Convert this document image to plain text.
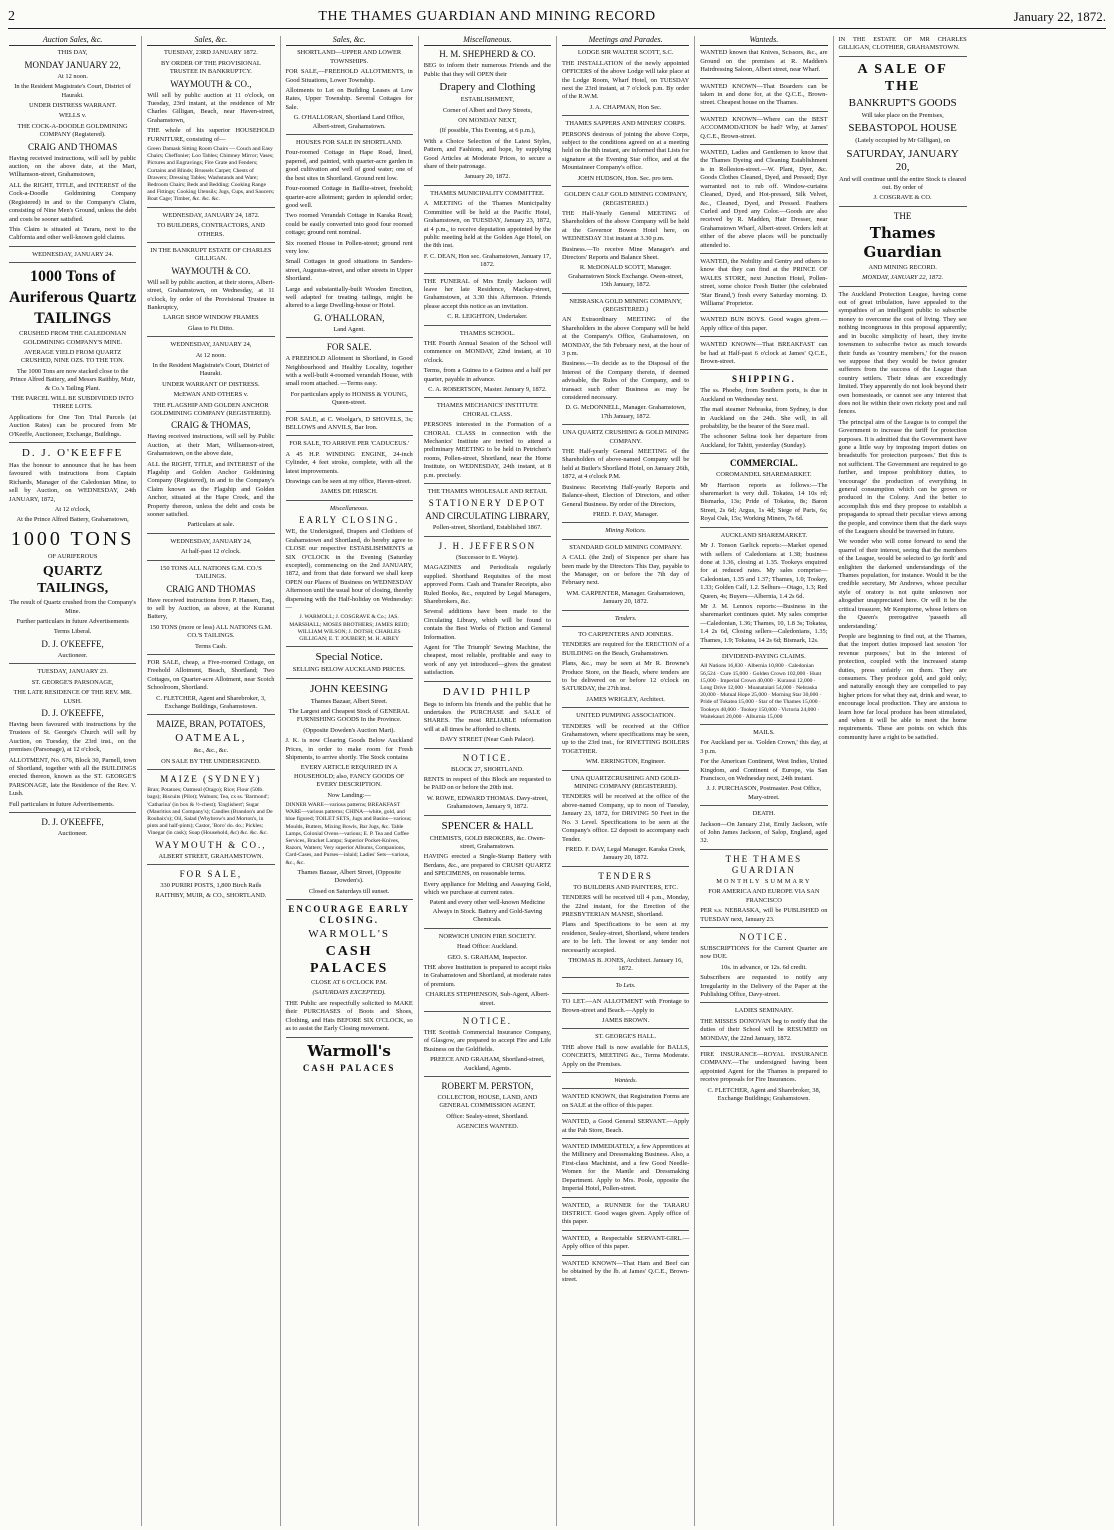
2	THE THAMES GUARDIAN AND MINING RECORD	January 22, 1872.
Auction Sales, &c.
THIS DAY,
MONDAY JANUARY 22,
At 12 noon.
In the Resident Magistrate's Court, District of Hauraki.
UNDER DISTRESS WARRANT.
WELLS v.
THE COCK-A-DOODLE GOLDMINING COMPANY (Registered).
CRAIG AND THOMAS
Having received instructions, will sell by public auction, on the above date, at the Mart, Williamson-street, Grahamstown,
ALL the RIGHT, TITLE, and INTEREST of the Cock-a-Doodle Goldmining Company (Registered) in and to the Company's Claim, consisting of Nine Men's Ground, unless the debt and costs be sooner satisfied.
This Claim is situated at Tararu, next to the California and other well-known gold claims.
WEDNESDAY, JANUARY 24.
1000 Tons of
Auriferous Quartz
TAILINGS
CRUSHED FROM THE CALEDONIAN GOLDMINING COMPANY'S MINE.
AVERAGE YIELD FROM QUARTZ CRUSHED, NINE OZS. TO THE TON.
The 1000 Tons are now stacked close to the Prince Alfred Battery, and Messrs Raithby, Muir, & Co.'s Tailing Plant.
THE PARCEL WILL BE SUBDIVIDED INTO THREE LOTS.
Applications for One Ton Trial Parcels (at Auction Rates) can be procured from Mr O'Keeffe, Auctioneer, Exchange, Buildings.
D. J. O'KEEFFE
Has the honour to announce that he has been favoured with instructions from Captain Richards, Manager of the Caledonian Mine, to sell by Auction, on WEDNESDAY, 24th JANUARY, 1872,
At 12 o'clock,
At the Prince Alfred Battery, Grahamstown,
1000 TONS
OF AURIFEROUS
QUARTZ TAILINGS,
The result of Quartz crushed from the Company's Mine.
Further particulars in future Advertisements
Terms Liberal.
D. J. O'KEEFFE,
Auctioneer.
TUESDAY, JANUARY 23.
ST. GEORGE'S PARSONAGE,
THE LATE RESIDENCE OF THE REV. MR. LUSH.
D. J. O'KEEFFE,
Having been favoured with instructions by the Trustees of St. George's Church will sell by Auction, on Tuesday, the 23rd inst., on the premises (Parsonage), at 12 o'clock,
ALLOTMENT, No. 676, Block 30, Parnell, town of Shortland, together with all the BUILDINGS erected thereon, known as the ST. GEORGE'S PARSONAGE, late the Residence of the Rev. V. Lush.
Full particulars in future Advertisements.
D. J. O'KEEFFE,
Auctioneer.
Sales, &c.
TUESDAY, 23RD JANUARY 1872.
BY ORDER OF THE PROVISIONAL TRUSTEE IN BANKRUPTCY.
WAYMOUTH & CO.,
Will sell by public auction at 11 o'clock, on Tuesday, 23rd instant, at the residence of Mr Charles Gilligan, Beach, near Haven-street, Grahamstown,
THE whole of his superior HOUSEHOLD FURNITURE, consisting of—
Green Damask Sitting Room Chairs — Couch and Easy Chairs; Cheffonier; Loo Tables; Chimney Mirror; Vases; Pictures and Engravings; Fire Grate and Fenders; Curtains and Blinds; Brussels Carpet; Chests of Drawers; Dressing Tables; Washstands and Ware; Bedroom Chairs; Beds and Bedding; Cooking Range and Fittings; Cooking Utensils; Jugs, Cups, and Saucers; Boat Cage; Timber, &c. &c. &c.
WEDNESDAY, JANUARY 24, 1872.
TO BUILDERS, CONTRACTORS, AND OTHERS.
IN THE BANKRUPT ESTATE OF CHARLES GILLIGAN.
WAYMOUTH & CO.
Will sell by public auction, at their stores, Albert-street, Grahamstown, on Wednesday, at 11 o'clock, by order of the Provisional Trustee in Bankruptcy,
LARGE SHOP WINDOW FRAMES
Glass to Fit Ditto.
WEDNESDAY, JANUARY 24,
At 12 noon.
In the Resident Magistrate's Court, District of Hauraki.
UNDER WARRANT OF DISTRESS.
McEWAN AND OTHERS v.
THE FLAGSHIP AND GOLDEN ANCHOR GOLDMINING COMPANY (REGISTERED).
CRAIG & THOMAS,
Having received instructions, will sell by Public Auction, at their Mart, Williamson-street, Grahamstown, on the above date,
ALL the RIGHT, TITLE, and INTEREST of the Flagship and Golden Anchor Goldmining Company (Registered), in and to the Company's Claim known as the Flagship and Golden Anchor, situated at the Hape Creek, and the Property thereon, unless the debt and costs be sooner satisfied.
Particulars at sale.
WEDNESDAY, JANUARY 24,
At half-past 12 o'clock.
150 TONS ALL NATIONS G.M. CO.'S TAILINGS.
CRAIG AND THOMAS
Have received instructions from P. Hansen, Esq., to sell by Auction, as above, at the Kuranui Battery,
150 TONS (more or less) ALL NATIONS G.M. CO.'S TAILINGS.
Terms Cash.
FOR SALE, cheap, a Five-roomed Cottage, on Freehold Allotment, Beach, Shortland; Two Cottages, on Quarter-acre Allotment, near Scotch Schoolroom, Shortland.
C. FLETCHER, Agent and Sharebroker, 3, Exchange Buildings, Grahamstown.
MAIZE, BRAN, POTATOES,
OATMEAL,
&c., &c., &c.
ON SALE BY THE UNDERSIGNED.
MAIZE (SYDNEY)
Bran; Potatoes; Oatmeal (Otago); Rice; Flour (50lb. bags); Biscuits (Pilot); Walnuts; Tea, cx ss. 'Barmond'; 'Catharina' (in box & ½-chest); 'Englishert'; Sugar (Mauritius and Company's); Candles (Brandon's and De Roubaix's); Oil, Salad (Whybrow's and Morton's, in pints and half-pints); Castor, 'Boro' do. do.; Pickles; Vinegar (in cask); Soap (Household, &c) &c. &c. &c.
WAYMOUTH & CO.,
ALBERT STREET, GRAHAMSTOWN.
FOR SALE,
330 PURIRI POSTS, 1,800 Birch Rails
RAITHBY, MUIR, & CO., SHORTLAND.
Sales, &c.
SHORTLAND—UPPER AND LOWER TOWNSHIPS.
FOR SALE,—FREEHOLD ALLOTMENTS, in Good Situations, Lower Township.
Allotments to Let on Building Leases at Low Rates, Upper Township. Several Cottages for Sale.
G. O'HALLORAN, Shortland Land Office, Albert-street, Grahamstown.
HOUSES FOR SALE IN SHORTLAND.
Four-roomed Cottage in Hape Road, lined, papered, and painted, with quarter-acre garden in good cultivation and well of good water; one of the best sites in Shortland. Ground rent low.
Four-roomed Cottage in Baillie-street, freehold; quarter-acre allotment; garden in splendid order; good well.
Two roomed Verandah Cottage in Karaka Road; could be easily converted into good four roomed cottage; ground rent nominal.
Six roomed House in Pollen-street; ground rent very low.
Small Cottages in good situations in Sanders-street, Augustus-street, and other streets in Upper Shortland.
Large and substantially-built Wooden Erection, well adapted for treating tailings, might be altered to a large Dwelling-house or Hotel.
G. O'HALLORAN,
Land Agent.
FOR SALE.
A FREEHOLD Allotment in Shortland, in Good Neighbourhood and Healthy Locality, together with a well-built 4-roomed verandah House, with small room attached. —Terms easy.
For particulars apply to HONISS & YOUNG, Queen-street.
FOR SALE, at C. Woolgar's, D SHOVELS, 3s; BELLOWS and ANVILS, Bar Iron.
FOR SALE, TO ARRIVE PER 'CADUCEUS.'
A 45 H.P. WINDING ENGINE, 24-inch Cylinder, 4 feet stroke, complete, with all the latest improvements.
Drawings can be seen at my office, Haven-street.
JAMES DE HIRSCH.
Miscellaneous.
EARLY CLOSING.
WE, the Undersigned, Drapers and Clothiers of Grahamstown and Shortland, do hereby agree to CLOSE our respective ESTABLISHMENTS at SIX O'CLOCK in the Evening (Saturday excepted), commencing on the 2nd JANUARY, 1872, and from that date forward we shall keep OPEN our Places of Business on WEDNESDAY Afternoon until the usual hour of closing, thereby dispensing with the Half-holiday on Wednesday:—
J. WARMOLL; J. COSGRAVE & Co.; JAS. MARSHALL; MOSES BROTHERS; JAMES REID; WILLIAM WILSON; J. DOTSH; CHARLES GILLIGAN; E. T. JOUBERT; M. H. AIREY
Special Notice.
SELLING BELOW AUCKLAND PRICES.
JOHN KEESING
Thames Bazaar, Albert Street.
The Largest and Cheapest Stock of GENERAL FURNISHING GOODS In the Province.
(Opposite Dowden's Auction Mart).
J. K. is now Clearing Goods Below Auckland Prices, in order to make room for Fresh Shipments, to arrive shortly. The Stock contains
EVERY ARTICLE REQUIRED IN A HOUSEHOLD; also, FANCY GOODS OF EVERY DESCRIPTION.
Now Landing:—
DINNER WARE—various patterns; BREAKFAST WARE—various patterns; CHINA—white, gold, and blue figured; TOILET SETS, Jugs and Basins—various; Moulds, Butters, Mixing Bowls, Bar Jugs, &c. Table Lamps, Colonial Ovens—various; E. P. Tea and Coffee Services, Bracket Lamps; Superior Pocket-Knives, Razors, Watters; Very superior Albums, Companions, Card-Cases, and Purses—inlaid; Ladies' Sets—various, &c., &c.
Thames Bazaar, Albert Street, (Opposite Dowden's).
Closed on Saturdays till sunset.
ENCOURAGE EARLY CLOSING.
WARMOLL'S
CASH PALACES
CLOSE AT 6 O'CLOCK P.M.
(SATURDAYS EXCEPTED).
THE Public are respectfully solicited to MAKE their PURCHASES of Boots and Shoes, Clothing, and Hats BEFORE SIX O'CLOCK, so as to assist the Early Closing movement.
Warmoll's
CASH PALACES
Miscellaneous.
H. M. SHEPHERD & CO.
BEG to inform their numerous Friends and the Public that they will OPEN their
Drapery and Clothing
ESTABLISHMENT,
Corner of Albert and Davy Streets,
ON MONDAY NEXT,
(If possible, This Evening, at 6 p.m.),
With a Choice Selection of the Latest Styles, Pattern, and Fashions, and hope, by supplying Good Articles at Moderate Prices, to secure a share of their patronage.
January 20, 1872.
THAMES MUNICIPALITY COMMITTEE.
A MEETING of the Thames Municipality Committee will be held at the Pacific Hotel, Grahamstown, on TUESDAY, January 23, 1872, at 4 p.m., to receive deputation appointed by the public meeting held at the Golden Age Hotel, on the 8th inst.
F. C. DEAN, Hon sec. Grahamstown, January 17, 1872.
THE FUNERAL of Mrs Emily Jackson will leave her late Residence, Mackay-street, Grahamstown, at 3.30 this Afternoon. Friends please accept this notice as an invitation.
C. R. LEIGHTON, Undertaker.
THAMES SCHOOL.
THE Fourth Annual Session of the School will commence on MONDAY, 22nd instant, at 10 o'clock.
Terms, from a Guinea to a Guinea and a half per quarter, payable in advance.
C. A. ROBERTSON, Master. January 9, 1872.
THAMES MECHANICS' INSTITUTE CHORAL CLASS.
PERSONS interested in the Formation of a CHORAL CLASS in connection with the Mechanics' Institute are invited to attend a preliminary MEETING to be held in Petrichen's rooms, Pollen-street, Shortland, near the Home Institute, on WEDNESDAY, 24th instant, at 8 p.m. precisely.
THE THAMES WHOLESALE AND RETAIL
STATIONERY DEPOT
AND CIRCULATING LIBRARY,
Pollen-street, Shortland, Established 1867.
J. H. JEFFERSON
(Successor to E. Wayte).
MAGAZINES and Periodicals regularly supplied. Shorthand Requisites of the most approved Form. Cash and Transfer Receipts, also Ruled Books, &c., required by Legal Managers, Sharebrokers, &c.
Several additions have been made to the Circulating Library, which will be found to contain the Best Works of Fiction and General Information.
Agent for 'The Triumph' Sewing Machine, the cheapest, most reliable, profitable and easy to work of any yet introduced—gives the greatest satisfaction.
DAVID PHILP
Begs to inform his friends and the public that he undertakes the PURCHASE and SALE of SHARES. The most RELIABLE information will at all times be afforded to clients.
DAVY STREET (Near Cash Palace).
NOTICE.
BLOCK 27, SHORTLAND.
RENTS in respect of this Block are requested to be PAID on or before the 20th inst.
W. ROWE, EDWARD THOMAS. Davy-street, Grahamstown, January 9, 1872.
SPENCER & HALL
CHEMISTS, GOLD BROKERS, &c. Owen-street, Grahamstown.
HAVING erected a Single-Stamp Battery with Berdans, &c., are prepared to CRUSH QUARTZ and SPECIMENS, on reasonable terms.
Every appliance for Melting and Assaying Gold, which we purchase at current rates.
Patent and every other well-known Medicine Always in Stock. Battery and Gold-Saving Chemicals.
NORWICH UNION FIRE SOCIETY.
Head Office: Auckland.
GEO. S. GRAHAM, Inspector.
THE above Institution is prepared to accept risks in Grahamstown and Shortland, at moderate rates of premium.
CHARLES STEPHENSON, Sub-Agent, Albert-street.
NOTICE.
THE Scottish Commercial Insurance Company, of Glasgow, are prepared to accept Fire and Life Business on the Goldfields.
PREECE AND GRAHAM, Shortland-street, Auckland, Agents.
ROBERT M. PERSTON,
COLLECTOR, HOUSE, LAND, AND GENERAL COMMISSION AGENT.
Office: Sealey-street, Shortland.
AGENCIES WANTED.
Meetings and Parades.
LODGE SIR WALTER SCOTT, S.C.
THE INSTALLATION of the newly appointed OFFICERS of the above Lodge will take place at the Lodge Room, Wharf Hotel, on TUESDAY next the 23rd instant, at 7 o'clock p.m. By order of the R.W.M.
J. A. CHAPMAN, Hon Sec.
THAMES SAPPERS AND MINERS' CORPS.
PERSONS desirous of joining the above Corps, subject to the conditions agreed on at a meeting held on the 8th instant, are informed that Lists for signature at the Evening Star office, and at the Mountaineer Company's office.
JOHN HUDSON, Hon. Sec. pro tem.
GOLDEN CALF GOLD MINING COMPANY, (REGISTERED.)
THE Half-Yearly General MEETING of Shareholders of the above Company will be held at the Governor Bowen Hotel here, on WEDNESDAY 31st instant at 3.30 p.m.
Business.—To receive Mine Manager's and Directors' Reports and Balance Sheet.
R. McDONALD SCOTT, Manager. Grahamstown Stock Exchange. Owen-street, 15th January, 1872.
NEBRASKA GOLD MINING COMPANY, (REGISTERED.)
AN Extraordinary MEETING of the Shareholders in the above Company will be held at the Company's Office, Grahamstown, on MONDAY, the 5th February next, at the hour of 3 p.m.
Business.—To decide as to the Disposal of the Interest of the Company therein, if deemed advisable, the Rules of the Company, and to transact such other Business as may be considered necessary.
D. G. McDONNELL, Manager. Grahamstown, 17th January, 1872.
UNA QUARTZ CRUSHING & GOLD MINING COMPANY.
THE Half-yearly General MEETING of the Shareholders of above-named Company will be held at Butler's Shortland Hotel, on January 26th, 1872, at 4 o'clock P.M.
Business: Receiving Half-yearly Reports and Balance-sheet, Election of Directors, and other General Business. By order of the Directors,
FRED. F. DAY, Manager.
Mining Notices.
STANDARD GOLD MINING COMPANY.
A CALL (the 2nd) of Sixpence per share has been made by the Directors This Day, payable to the Manager, on or before the 7th day of February next.
WM. CARPENTER, Manager. Grahamstown, January 20, 1872.
Tenders.
TO CARPENTERS AND JOINERS.
TENDERS are required for the ERECTION of a BUILDING on the Beach, Grahamstown.
Plans, &c., may be seen at Mr R. Browne's Produce Store, on the Beach, where tenders are to be delivered on or before 12 o'clock on SATURDAY, the 27th inst.
JAMES WRIGLEY, Architect.
UNITED PUMPING ASSOCIATION.
TENDERS will be received at the Office Grahamstown, where specifications may be seen, up to the 23rd inst., for RIVETTING BOILERS TOGETHER.
WM. ERRINGTON, Engineer.
UNA QUARTZCRUSHING AND GOLD-MINING COMPANY (REGISTERED).
TENDERS will be received at the office of the above-named Company, up to noon of Tuesday, January 23, 1872, for DRIVING 50 Feet in the No. 3 Level. Specifications to be seen at the Company's office. £2 deposit to accompany each Tender.
FRED. F. DAY, Legal Manager. Karaka Creek, January 20, 1872.
TENDERS
TO BUILDERS AND PAINTERS, ETC.
TENDERS will be received till 4 p.m., Monday, the 22nd instant, for the Erection of the PRESBYTERIAN MANSE, Shortland.
Plans and Specifications to be seen at my residence, Sealey-street, Shortland, where tenders are to be left. The lowest or any tender not necessarily accepted.
THOMAS B. JONES, Architect. January 16, 1872.
To Lets.
TO LET.—AN ALLOTMENT with Frontage to Brown-street and Beach.—Apply to
JAMES BROWN.
ST. GEORGE'S HALL.
THE above Hall is now available for BALLS, CONCERTS, MEETING &c., Terms Moderate. Apply on the Premises.
Wanteds.
WANTED KNOWN, that Registration Forms are on SALE at the office of this paper.
WANTED, a Good General SERVANT.—Apply at the Pah Store, Beach.
WANTED IMMEDIATELY, a few Apprentices at the Millinery and Dressmaking Business. Also, a First-class Machinist, and a few Good Needle-Women for the Mantle and Dressmaking Department. Apply to Mrs. Poole, opposite the Imperial Hotel, Pollen-street.
WANTED, a RUNNER for the TARARU DISTRICT. Good wages given. Apply office of this paper.
WANTED, a Respectable SERVANT-GIRL.—Apply office of this paper.
WANTED KNOWN—That Ham and Beef can be obtained by the lb. at James' Q.C.E., Brown-street.
Wanteds.
WANTED known that Knives, Scissors, &c., are Ground on the premises at R. Madden's Hairdressing Saloon, Albert street, near Wharf.
WANTED KNOWN—That Boarders can be taken in and done for, at the Q.C.E., Brown-street. Cheapest house on the Thames.
WANTED KNOWN—Where can the BEST ACCOMMODATION be had? Why, at James' Q.C.E., Brown-street.
WANTED, Ladies and Gentlemen to know that the Thames Dyeing and Cleaning Establishment is in Rolleston-street.—W. Plant, Dyer, &c. Goods Clothes Cleaned, Dyed, and Pressed; Dye warranted not to rub off. Window-curtains Cleaned, Dyed, and Hot-pressed, Silk Velvet, &c., Cleaned, Dyed, and Pressed. Feathers Curled and Dyed any Color.—Goods are also received by R. Madden, Hair Dresser, near Grahamstown Wharf, Albert-street. Orders left at either of the above places will be punctually attended to.
WANTED, the Nobility and Gentry and others to know that they can find at the PRINCE OF WALES STORE, next Junction Hotel, Pollen-street, some choice Fresh Butter (the celebrated 'Star Brand,') fresh every Saturday morning. D. Williams' Proprietor.
WANTED BUN BOYS. Good wages given.—Apply office of this paper.
WANTED KNOWN—That BREAKFAST can be had at Half-past 6 o'clock at James' Q.C.E., Brown-street.
SHIPPING.
The ss. Phoebe, from Southern ports, is due in Auckland on Wednesday next.
The mail steamer Nebraska, from Sydney, is due in Auckland on the 24th. She will, in all probability, be the bearer of the Suez mail.
The schooner Selina took her departure from Auckland, for Tahiti, yesterday (Sunday).
COMMERCIAL.
COROMANDEL SHAREMARKET.
Mr Harrison reports as follows:—The sharemarket is very dull. Tokatea, 14 10s rd; Bismarks, 13s; Pride of Tokatea, 8s; Baron Street, 2s 6d; Argus, 1s 4d; Siege of Paris, 6s; Royal Oak, 15s; Working Miners, 7s 6d.
AUCKLAND SHAREMARKET.
Mr J. Tonson Garlick reports:—Market opened with sellers of Caledonians at 1.38; business done at 1.36, closing at 1.35. Tookeys enquired for at reduced rates. My sales comprise—Caledonian, 1.35 and 1.37; Thames, 1.0; Tookey, 1.33; Golden Calf, 1.2. Selhurs—Otago, 1.3; Red Queen, 4s; Buyers—Albernia, 1.4 2s 6d.
Mr J. M. Lennox reports:—Business in the sharemarket continues quiet. My sales comprise—Caledonian, 1.36; Thames, 10, 1.8 3s; Tokatea, 1.4 2s 6d, Closing sellers—Caledonians, 1.35; Thames, 1.9; Tokatea, 14 2s 6d; Bismark, 12s.
DIVIDEND-PAYING CLAIMS.
All Nations 16,830 · Albernia 10,800 · Caledonian 56,524 · Cure 15,000 · Golden Crown 102,000 · Hunt 15,000 · Imperial Crown 40,000 · Kuranui 12,000 · Long Drive 12,000 · Moanataiari 54,000 · Nebraska 20,000 · Mutual Hope 25,000 · Morning Star 30,000 · Pride of Tokatea 15,000 · Star of the Thames 15,000 · Tookeys 40,000 · Tookey 150,000 · Victoria 24,000 · Waitekauri 20,000 · Alburnia 15,000
MAILS.
For Auckland per ss. 'Golden Crown,' this day, at 3 p.m.
For the American Continent, West Indies, United Kingdom, and Continent of Europe, via San Francisco, on Wednesday next, 24th instant.
J. J. PURCHASON, Postmaster. Post Office, Mary-street.
DEATH.
Jackson—On January 21st, Emily Jackson, wife of John James Jackson, of Salop, England, aged 32.
THE THAMES GUARDIAN
MONTHLY SUMMARY
FOR AMERICA AND EUROPE VIA SAN FRANCISCO
PER s.s. NEBRASKA, will be PUBLISHED on TUESDAY next, January 23.
NOTICE.
SUBSCRIPTIONS for the Current Quarter are now DUE.
10s. in advance, or 12s. 6d credit.
Subscribers are requested to notify any Irregularity in the Delivery of the Paper at the Publishing Office, Davy-street.
LADIES SEMINARY.
THE MISSES DONOVAN beg to notify that the duties of their School will be RESUMED on MONDAY, the 22nd January, 1872.
FIRE INSURANCE—ROYAL INSURANCE COMPANY.—The undersigned having been appointed Agent for the Thames is prepared to receive proposals for Fire Insurances.
C. FLETCHER, Agent and Sharebroker, 38, Exchange Buildings; Grahamstown.
IN THE ESTATE OF MR CHARLES GILLIGAN, CLOTHIER, GRAHAMSTOWN.
A SALE OF THE
BANKRUPT'S GOODS
Will take place on the Premises,
SEBASTOPOL HOUSE
(Lately occupied by Mr Gilligan), on
SATURDAY, JANUARY 20,
And will continue until the entire Stock is cleared out. By order of
J. COSGRAVE & CO.
THE
Thames Guardian
AND MINING RECORD.
MONDAY, JANUARY 22, 1872.
The Auckland Protection League, having come out of great tribulation, have appealed to the sympathies of an intelligent public to subscribe money to overcome the cost of living. They see nothing incongruous in this proposal apparently; and in bucolic simplicity of heart, they invite townsmen to subscribe twice as much towards their funds as 'country members,' for the reason we suppose that they would be twice greater sufferers from the success of the League than country settlers. Their ideas are exceedingly limited. They apparently do not look beyond their own homesteads, or cannot see any interest that does not lie within their own rickety post and rail fences.
The principal aim of the League is to compel the Government to increase the tariff for protection purposes. It is admitted that the Government have gone a little way by imposing import duties on breadstuffs 'for protection purposes.' But this is not sufficient. The Government are required to go further, and impose prohibitory duties, to 'encourage' the production of everything in general consumption which can be grown or produced in the Colony. And the better to accomplish this end they propose to establish a propaganda to spread their peculiar views among the people, and convince them that the dark ways of the Leaguers should be traversed in future.
We wonder who will come forward to send the quarrel of their interest, seeing that the members of the League, would be selected to 'go forth' and enlighten the darkened understandings of the Thames population, for instance. Would it be the credible secretary, Mr Andrews, whose peculiar style of oratory is not quite unknown nor altogether unappreciated here. Or will it be the critical treasurer, Mr Kemptorne, whose letters on the Queen's prerogative 'passeth all understanding.'
People are beginning to find out, at the Thames, that the import duties imposed last session 'for revenue purposes,' but in the interest of protection, coupled with the increased stamp duties, press unfairly on them. They are consumers. They produce gold, and gold only; and naturally enough they are compelled to pay higher prices for what they eat, drink and wear, to encourage local production. They are anxious to learn how far local produce has been stimulated, and when it will be able to meet the home requirements. These are points on which this community have a right to be satisfied.
